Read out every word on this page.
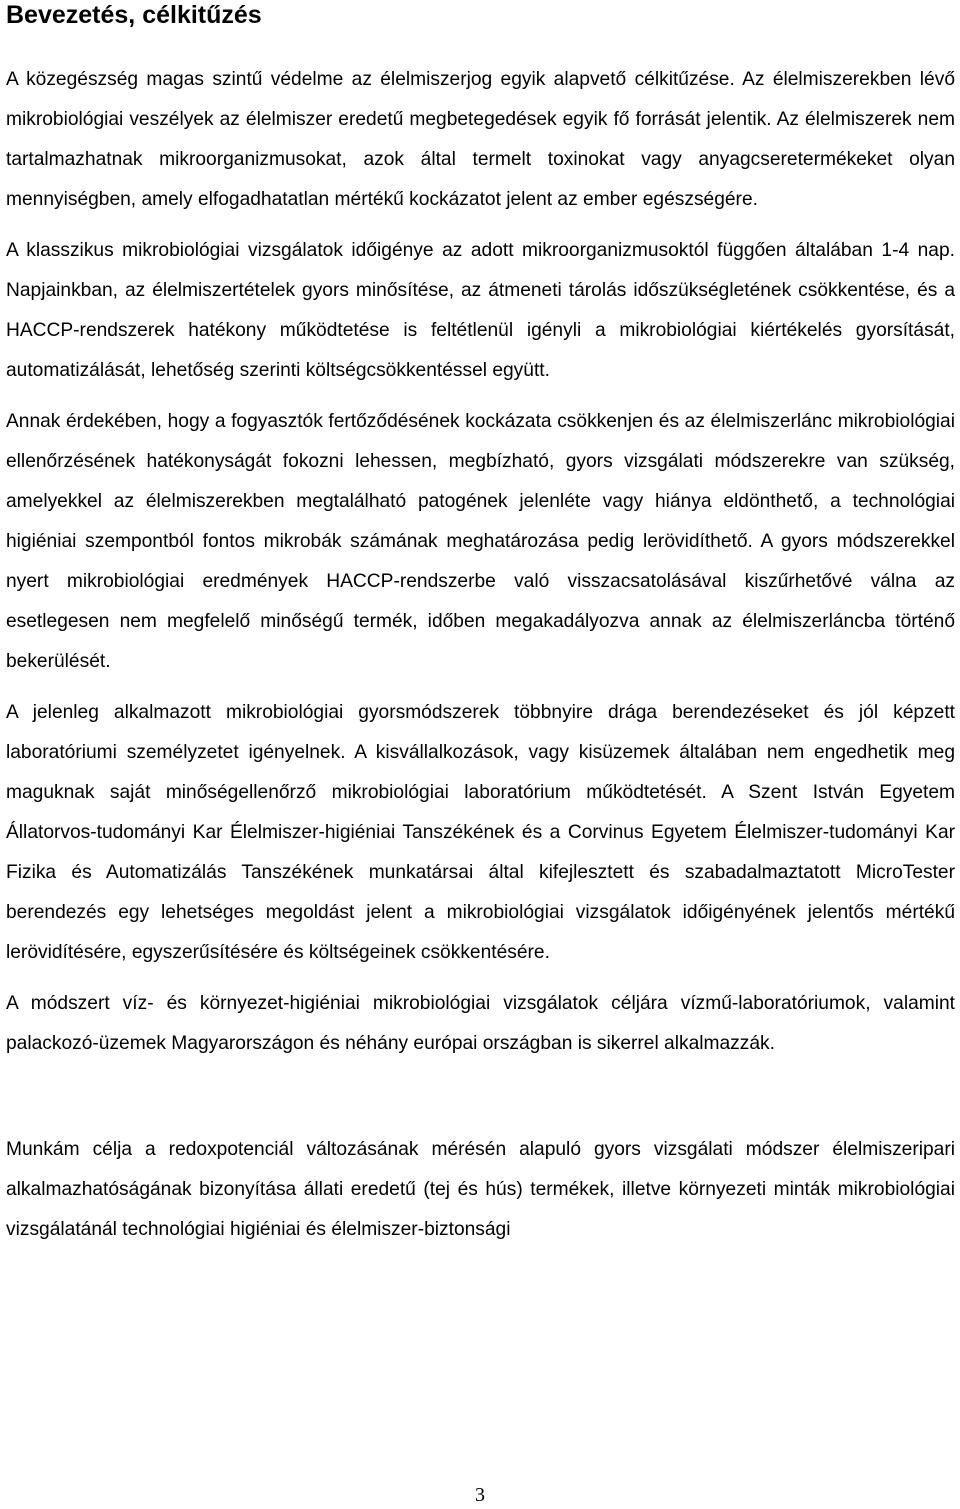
Bevezetés, célkitűzés

A közegészség magas szintű védelme az élelmiszerjog egyik alapvető célkitűzése. Az élelmiszerekben lévő mikrobiológiai veszélyek az élelmiszer eredetű megbetegedések egyik fő forrását jelentik. Az élelmiszerek nem tartalmazhatnak mikroorganizmusokat, azok által termelt toxinokat vagy anyagcseretermékeket olyan mennyiségben, amely elfogadhatatlan mértékű kockázatot jelent az ember egészségére.

A klasszikus mikrobiológiai vizsgálatok időigénye az adott mikroorganizmusoktól függően általában 1-4 nap. Napjainkban, az élelmiszertételek gyors minősítése, az átmeneti tárolás időszükségletének csökkentése, és a HACCP-rendszerek hatékony működtetése is feltétlenül igényli a mikrobiológiai kiértékelés gyorsítását, automatizálását, lehetőség szerinti költségcsökkentéssel együtt.

Annak érdekében, hogy a fogyasztók fertőződésének kockázata csökkenjen és az élelmiszerlánc mikrobiológiai ellenőrzésének hatékonyságát fokozni lehessen, megbízható, gyors vizsgálati módszerekre van szükség, amelyekkel az élelmiszerekben megtalálható patogének jelenléte vagy hiánya eldönthető, a technológiai higiéniai szempontból fontos mikrobák számának meghatározása pedig lerövidíthető. A gyors módszerekkel nyert mikrobiológiai eredmények HACCP-rendszerbe való visszacsatolásával kiszűrhetővé válna az esetlegesen nem megfelelő minőségű termék, időben megakadályozva annak az élelmiszerláncba történő bekerülését.

A jelenleg alkalmazott mikrobiológiai gyorsmódszerek többnyire drága berendezéseket és jól képzett laboratóriumi személyzetet igényelnek. A kisvállalkozások, vagy kisüzemek általában nem engedhetik meg maguknak saját minőségellenőrző mikrobiológiai laboratórium működtetését. A Szent István Egyetem Állatorvos-tudományi Kar Élelmiszer-higiéniai Tanszékének és a Corvinus Egyetem Élelmiszer-tudományi Kar Fizika és Automatizálás Tanszékének munkatársai által kifejlesztett és szabadalmaztatott MicroTester berendezés egy lehetséges megoldást jelent a mikrobiológiai vizsgálatok időigényének jelentős mértékű lerövidítésére, egyszerűsítésére és költségeinek csökkentésére.

A módszert víz- és környezet-higiéniai mikrobiológiai vizsgálatok céljára vízmű-laboratóriumok, valamint palackozó-üzemek Magyarországon és néhány európai országban is sikerrel alkalmazzák.

Munkám célja a redoxpotenciál változásának mérésén alapuló gyors vizsgálati módszer élelmiszeripari alkalmazhatóságának bizonyítása állati eredetű (tej és hús) termékek, illetve környezeti minták mikrobiológiai vizsgálatánál technológiai higiéniai és élelmiszer-biztonsági

3
